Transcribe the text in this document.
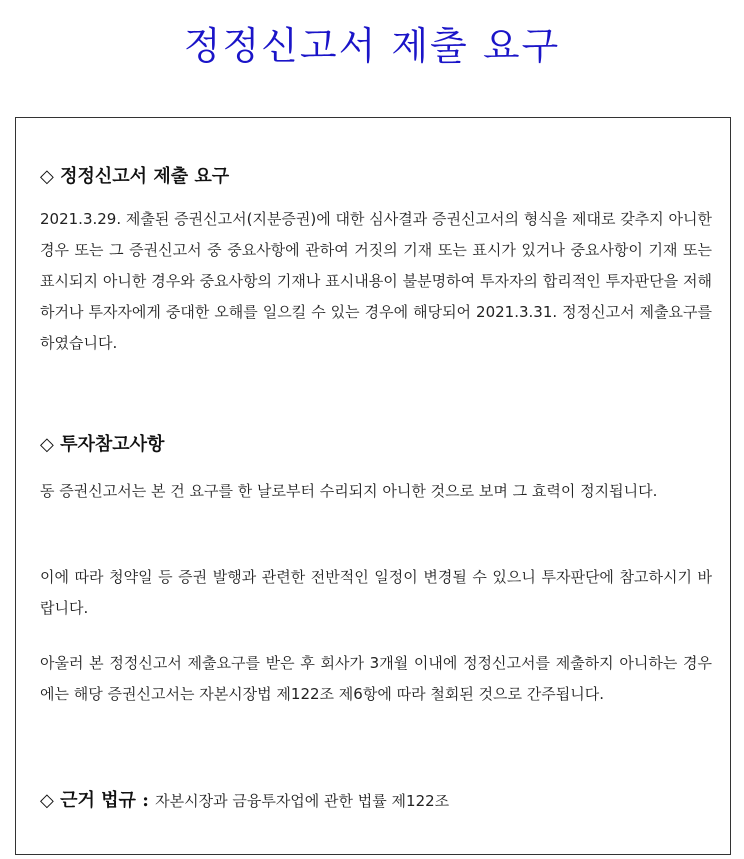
정정신고서 제출 요구
◇ 정정신고서 제출 요구
2021.3.29. 제출된 증권신고서(지분증권)에 대한 심사결과 증권신고서의 형식을 제대로 갖추지 아니한 경우 또는 그 증권신고서 중 중요사항에 관하여 거짓의 기재 또는 표시가 있거나 중요사항이 기재 또는 표시되지 아니한 경우와 중요사항의 기재나 표시내용이 불분명하여 투자자의 합리적인 투자판단을 저해하거나 투자자에게 중대한 오해를 일으킬 수 있는 경우에 해당되어 2021.3.31. 정정신고서 제출요구를 하였습니다.
◇ 투자참고사항
동 증권신고서는 본 건 요구를 한 날로부터 수리되지 아니한 것으로 보며 그 효력이 정지됩니다.
이에 따라 청약일 등 증권 발행과 관련한 전반적인 일정이 변경될 수 있으니 투자판단에 참고하시기 바랍니다.
아울러 본 정정신고서 제출요구를 받은 후 회사가 3개월 이내에 정정신고서를 제출하지 아니하는 경우에는 해당 증권신고서는 자본시장법 제122조 제6항에 따라 철회된 것으로 간주됩니다.
◇ 근거 법규 : 자본시장과 금융투자업에 관한 법률 제122조
